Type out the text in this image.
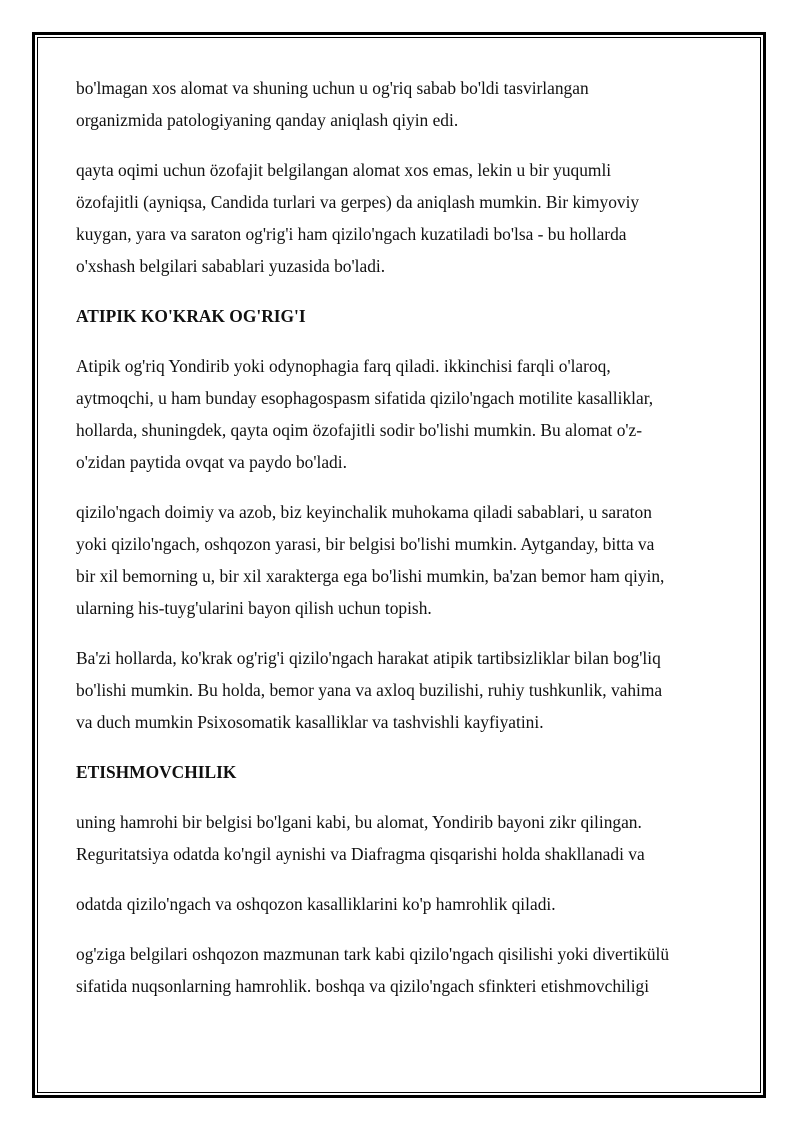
bo'lmagan xos alomat va shuning uchun u og'riq sabab bo'ldi tasvirlangan
organizmida patologiyaning qanday aniqlash qiyin edi.

qayta oqimi uchun özofajit belgilangan alomat xos emas, lekin u bir yuqumli
özofajitli (ayniqsa, Candida turlari va gerpes) da aniqlash mumkin. Bir kimyoviy
kuygan, yara va saraton og'rig'i ham qizilo'ngach kuzatiladi bo'lsa - bu hollarda
o'xshash belgilari sabablari yuzasida bo'ladi.

ATIPIK KO'KRAK OG'RIG'I

Atipik og'riq Yondirib yoki odynophagia farq qiladi. ikkinchisi farqli o'laroq,
aytmoqchi, u ham bunday esophagospasm sifatida qizilo'ngach motilite kasalliklar,
hollarda, shuningdek, qayta oqim özofajitli sodir bo'lishi mumkin. Bu alomat o'z-
o'zidan paytida ovqat va paydo bo'ladi.

qizilo'ngach doimiy va azob, biz keyinchalik muhokama qiladi sabablari, u saraton
yoki qizilo'ngach, oshqozon yarasi, bir belgisi bo'lishi mumkin. Aytganday, bitta va
bir xil bemorning u, bir xil xarakterga ega bo'lishi mumkin, ba'zan bemor ham qiyin,
ularning his-tuyg'ularini bayon qilish uchun topish.

Ba'zi hollarda, ko'krak og'rig'i qizilo'ngach harakat atipik tartibsizliklar bilan bog'liq
bo'lishi mumkin. Bu holda, bemor yana va axloq buzilishi, ruhiy tushkunlik, vahima
va duch mumkin Psixosomatik kasalliklar va tashvishli kayfiyatini.

ETISHMOVCHILIK

uning hamrohi bir belgisi bo'lgani kabi, bu alomat, Yondirib bayoni zikr qilingan.
Reguritatsiya odatda ko'ngil aynishi va Diafragma qisqarishi holda shakllanadi va

odatda qizilo'ngach va oshqozon kasalliklarini ko'p hamrohlik qiladi.

og'ziga belgilari oshqozon mazmunan tark kabi qizilo'ngach qisilishi yoki divertikülü
sifatida nuqsonlarning hamrohlik. boshqa va qizilo'ngach sfinkteri etishmovchiligi
